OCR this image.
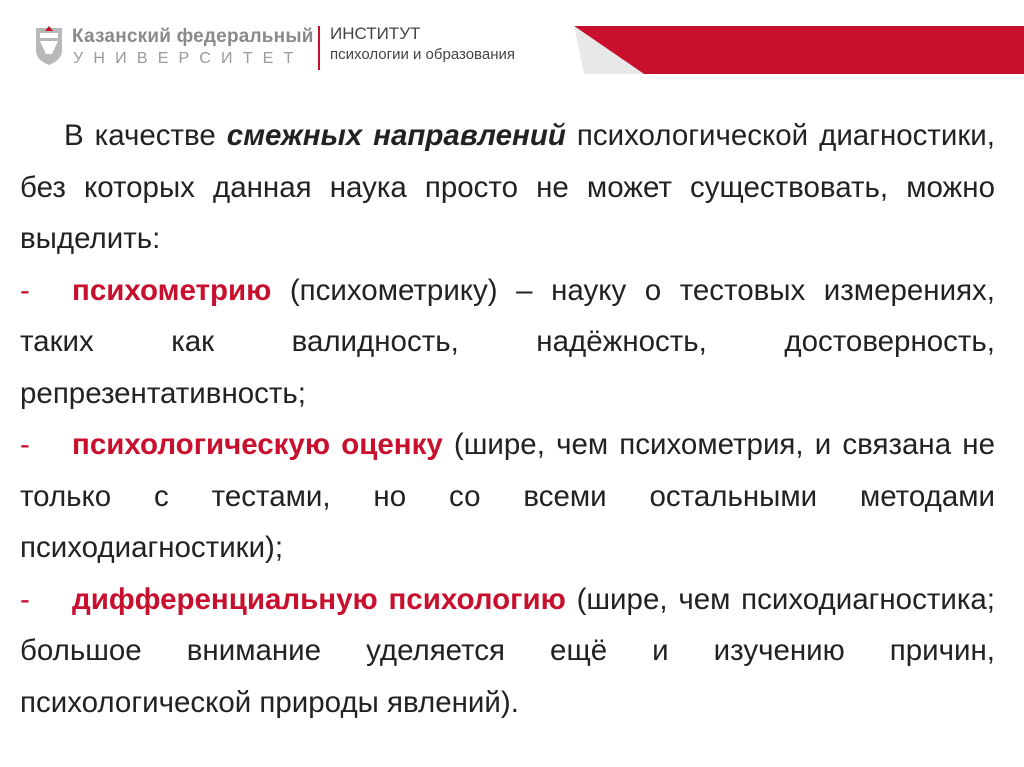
Казанский федеральный
УНИВЕРСИТЕТ
ИНСТИТУТ
психологии и образования

В качестве смежных направлений психологической диагностики, без которых данная наука просто не может существовать, можно выделить:

- психометрию (психометрику) – науку о тестовых измерениях, таких как валидность, надёжность, достоверность, репрезентативность;

- психологическую оценку (шире, чем психометрия, и связана не только с тестами, но со всеми остальными методами психодиагностики);

- дифференциальную психологию (шире, чем психодиагностика; большое внимание уделяется ещё и изучению причин, психологической природы явлений).
